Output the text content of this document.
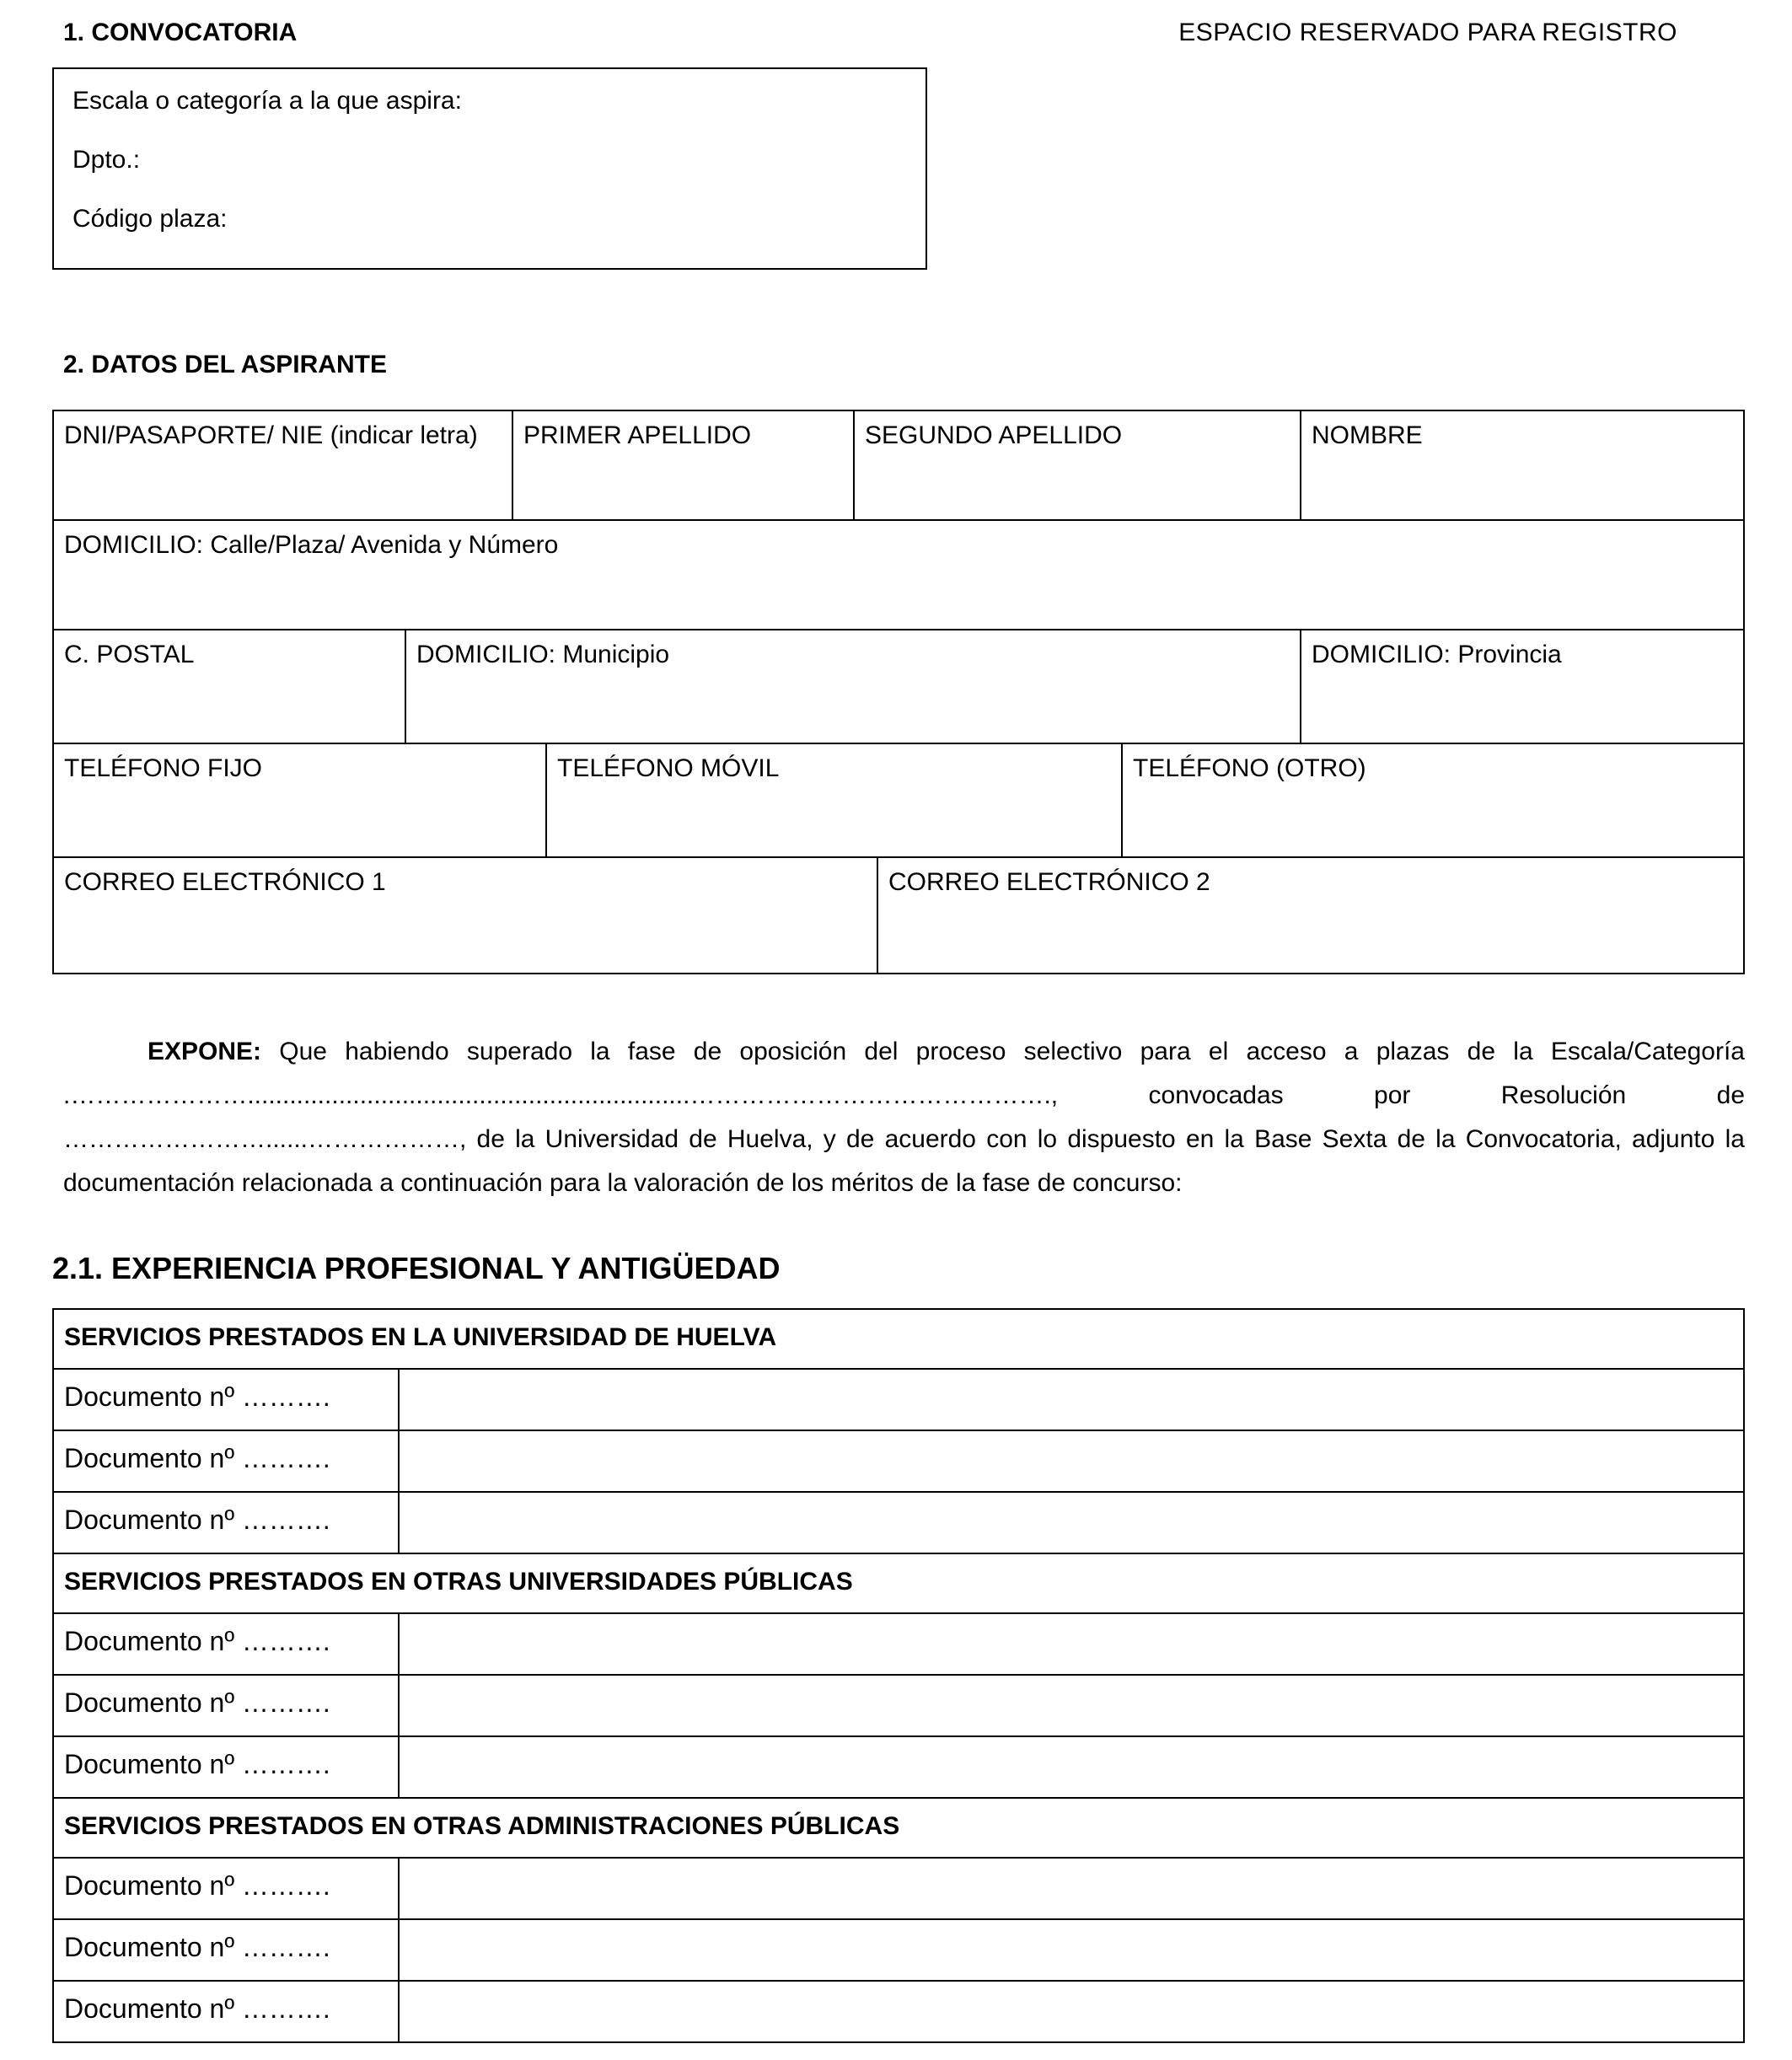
1. CONVOCATORIA	ESPACIO RESERVADO PARA REGISTRO

Escala o categoría a la que aspira:

Dpto.:

Código plaza:

2. DATOS DEL ASPIRANTE
DNI/PASAPORTE/ NIE (indicar letra)	PRIMER APELLIDO	SEGUNDO APELLIDO	NOMBRE
DOMICILIO: Calle/Plaza/ Avenida y Número
C. POSTAL	DOMICILIO: Municipio	DOMICILIO: Provincia
TELÉFONO FIJO	TELÉFONO MÓVIL	TELÉFONO (OTRO)
CORREO ELECTRÓNICO 1	CORREO ELECTRÓNICO 2

EXPONE: Que habiendo superado la fase de oposición del proceso selectivo para el acceso a plazas de la Escala/Categoría .…………………...............................................................……………………………………., convocadas por Resolución de ……………………......………………, de la Universidad de Huelva, y de acuerdo con lo dispuesto en la Base Sexta de la Convocatoria, adjunto la documentación relacionada a continuación para la valoración de los méritos de la fase de concurso:

2.1. EXPERIENCIA PROFESIONAL Y ANTIGÜEDAD
SERVICIOS PRESTADOS EN LA UNIVERSIDAD DE HUELVA
Documento nº ……….
Documento nº ……….
Documento nº ……….
SERVICIOS PRESTADOS EN OTRAS UNIVERSIDADES PÚBLICAS
Documento nº ……….
Documento nº ……….
Documento nº ……….
SERVICIOS PRESTADOS EN OTRAS ADMINISTRACIONES PÚBLICAS
Documento nº ……….
Documento nº ……….
Documento nº ……….
